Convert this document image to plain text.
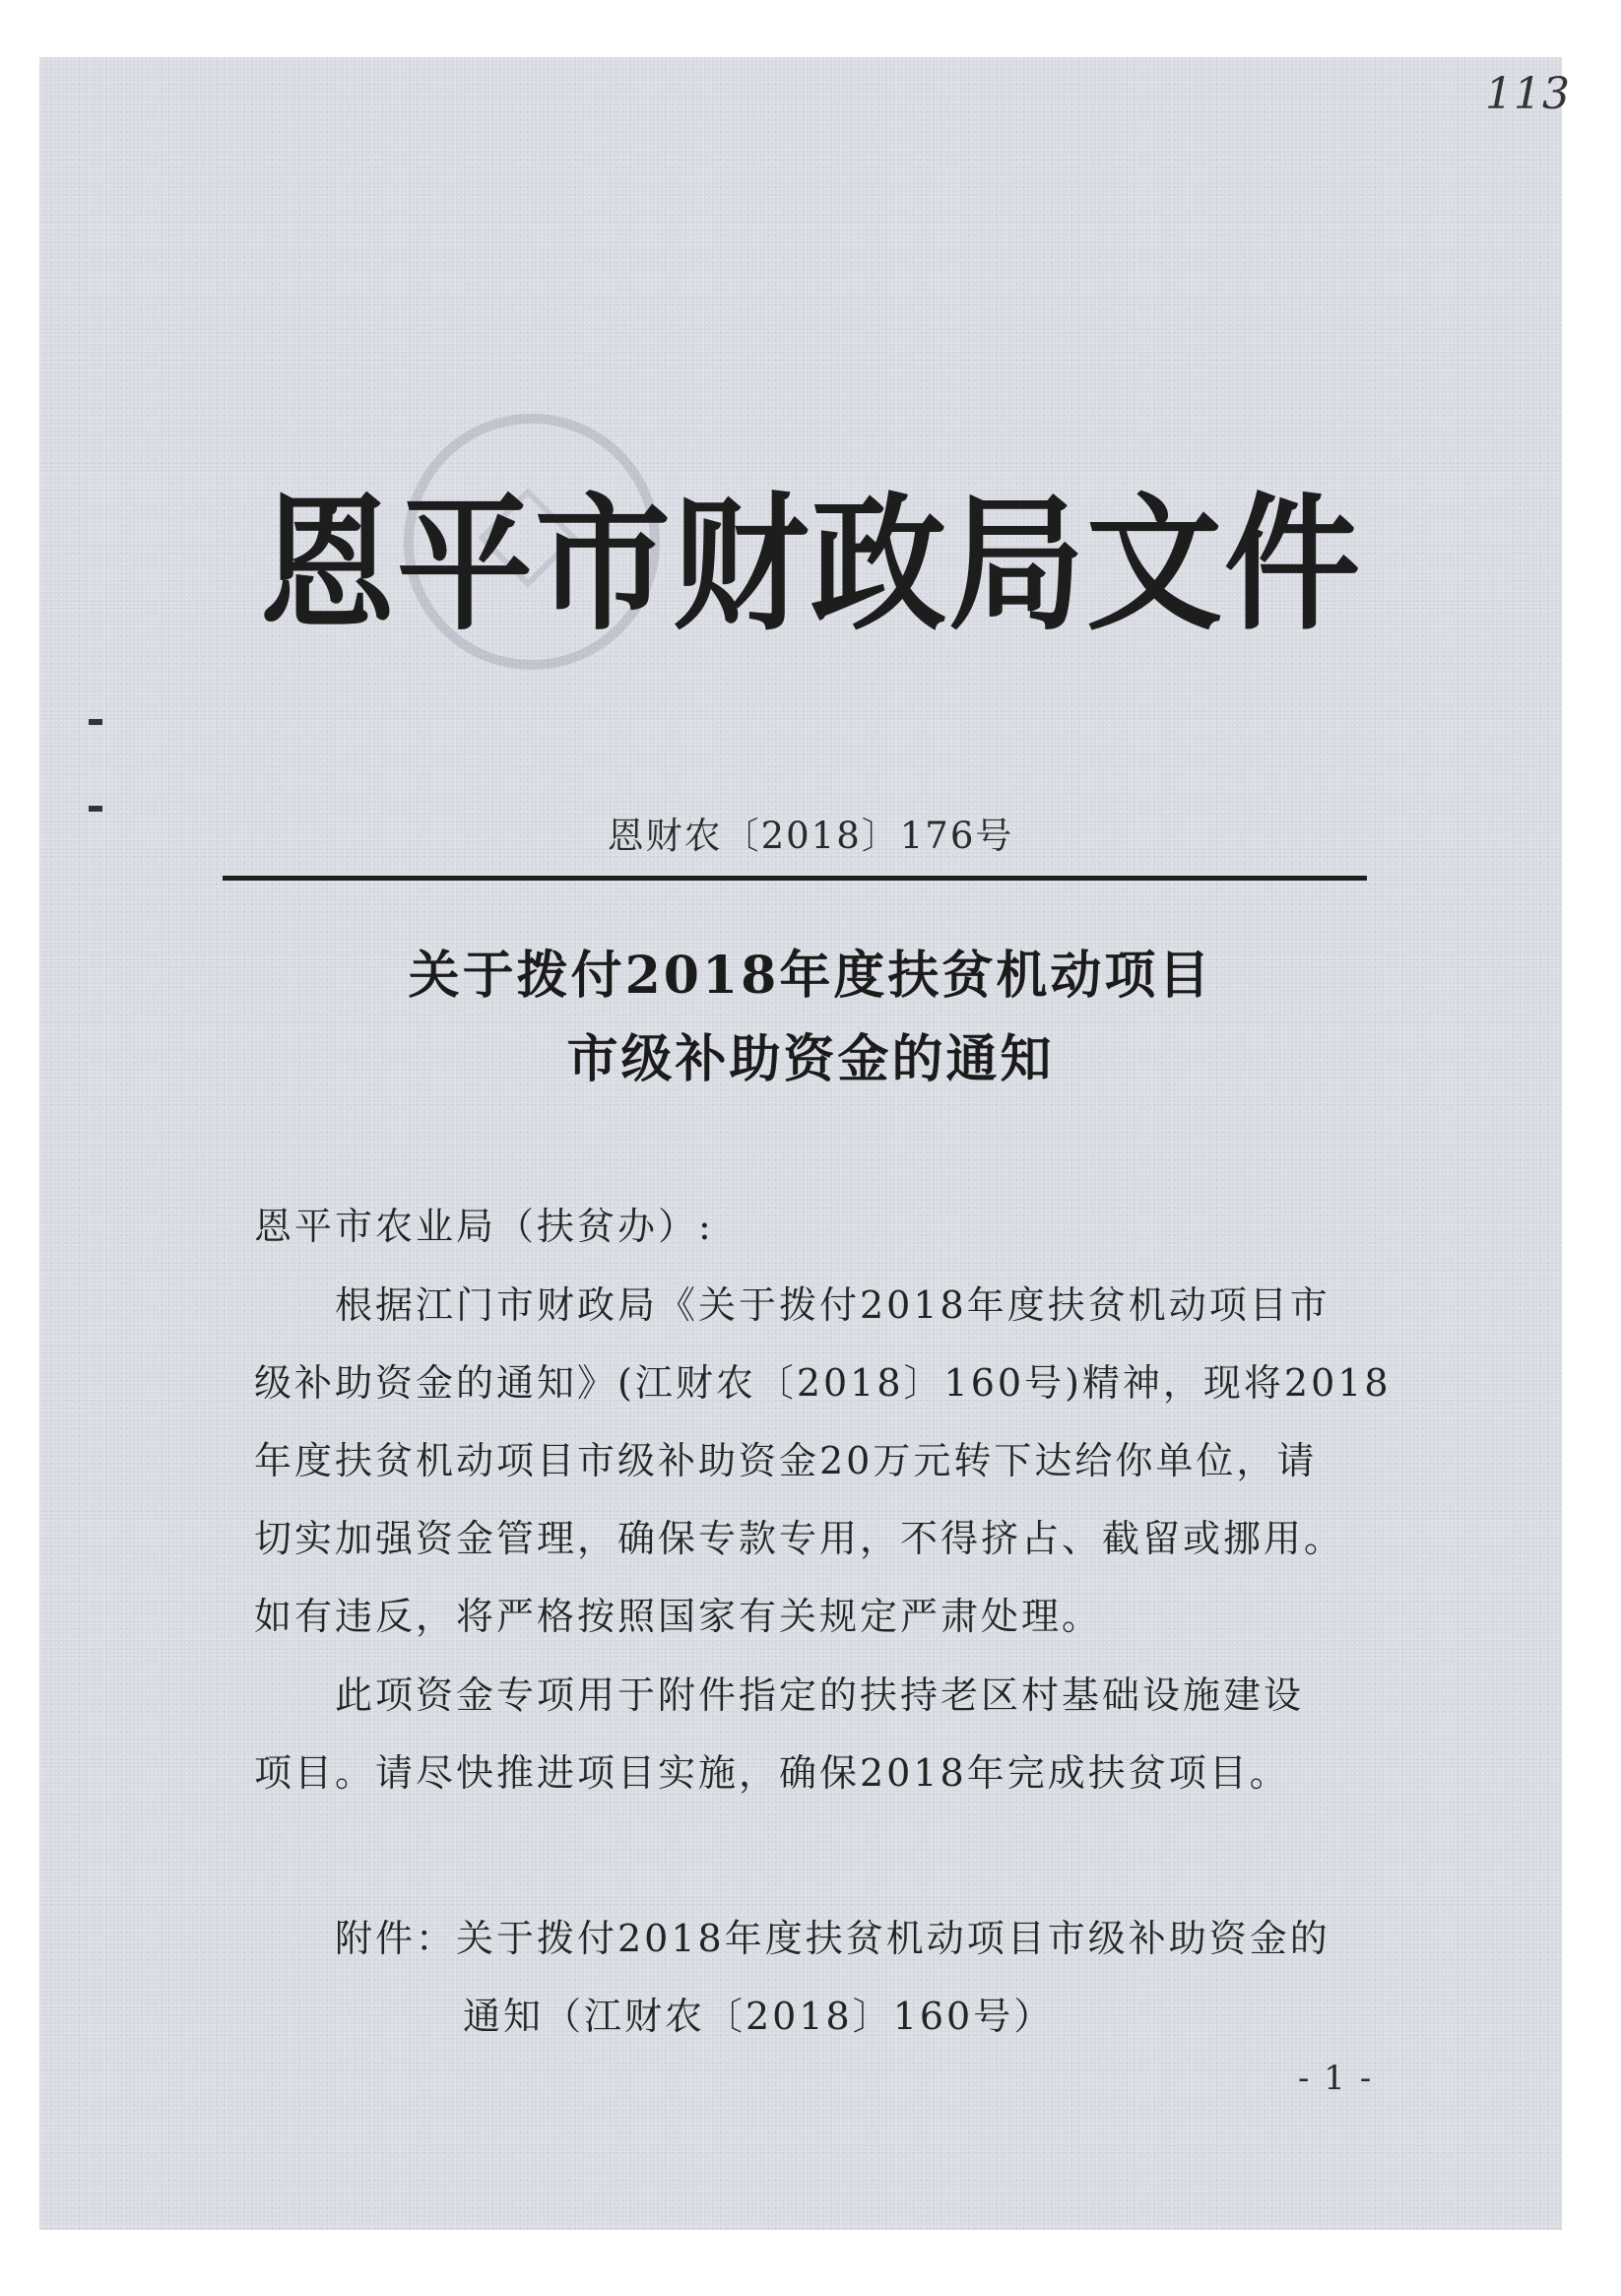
113
恩平市财政局文件
恩财农〔2018〕176号
关于拨付2018年度扶贫机动项目
市级补助资金的通知
恩平市农业局（扶贫办）:
根据江门市财政局《关于拨付2018年度扶贫机动项目市
级补助资金的通知》(江财农〔2018〕160号)精神，现将2018
年度扶贫机动项目市级补助资金20万元转下达给你单位，请
切实加强资金管理，确保专款专用，不得挤占、截留或挪用。
如有违反，将严格按照国家有关规定严肃处理。
此项资金专项用于附件指定的扶持老区村基础设施建设
项目。请尽快推进项目实施，确保2018年完成扶贫项目。
附件：关于拨付2018年度扶贫机动项目市级补助资金的
通知（江财农〔2018〕160号）
- 1 -
